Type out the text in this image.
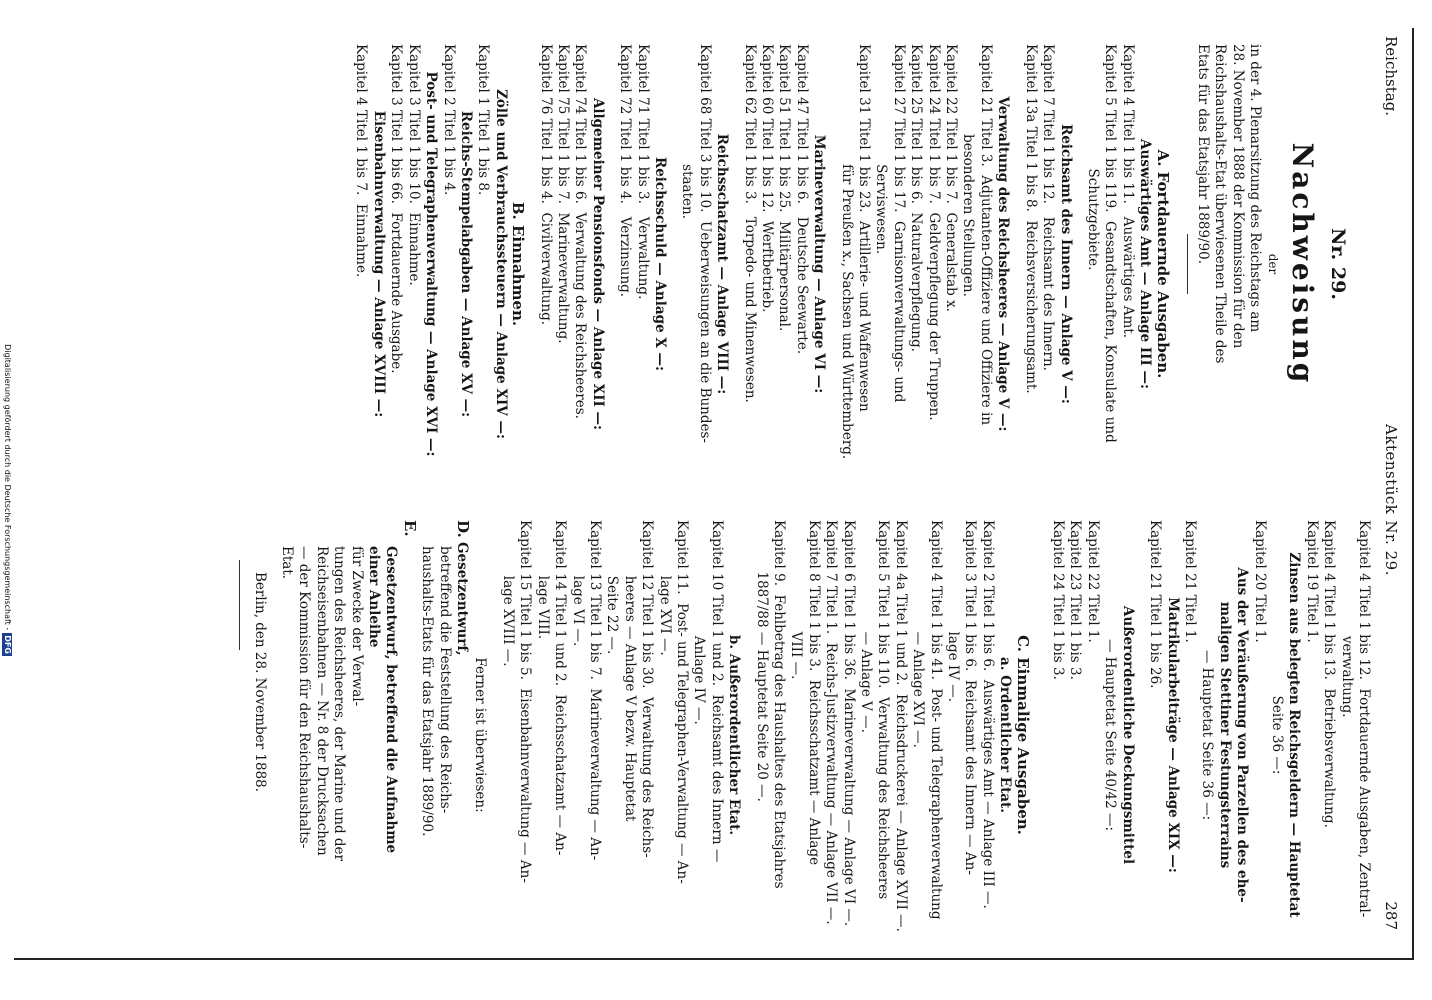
Reichstag.
AktenstückNr. 29.
287

Nr. 29.

Nachweisung

der

in der 4. Plenarsitzung des Reichstags am

28. November 1888 der Kommission für den

Reichshaushalts-Etat überwiesenen Theile des

Etats für das Etatsjahr 1889/90.

A. Fortdauernde Ausgaben.

Auswärtiges Amt — Anlage III —:

Kapitel 4 Titel 1 bis 11.   Auswärtiges Amt.

Kapitel 5 Titel 1 bis 119.  Gesandtschaften, Konsulate und

Schutzgebiete.

Reichsamt des Innern — Anlage V —:

Kapitel 7 Titel 1 bis 12.   Reichsamt des Innern.

Kapitel 13a Titel 1 bis 8.  Reichsversicherungsamt.

Verwaltung des Reichsheeres — Anlage V —:

Kapitel 21 Titel 3.  Adjutanten-Offiziere und Offiziere in

besonderen Stellungen.

Kapitel 22 Titel 1 bis 7.  Generalstab x.

Kapitel 24 Titel 1 bis 7.  Geldverpflegung der Truppen.

Kapitel 25 Titel 1 bis 6.  Naturalverpflegung.

Kapitel 27 Titel 1 bis 17.  Garnisonverwaltungs- und

Serviswesen.

Kapitel 31 Titel 1 bis 23.  Artillerie- und Waffenwesen

für Preußen x., Sachsen und Württemberg.

Marineverwaltung — Anlage VI —:

Kapitel 47 Titel 1 bis 6.   Deutsche Seewarte.

Kapitel 51 Titel 1 bis 25.  Militärpersonal.

Kapitel 60 Titel 1 bis 12.  Werftbetrieb.

Kapitel 62 Titel 1 bis 3.   Torpedo- und Minenwesen.

Reichsschatzamt — Anlage VIII —:

Kapitel 68 Titel 3 bis 10.  Ueberweisungen an die Bundes-

staaten.

Reichsschuld — Anlage X —:

Kapitel 71 Titel 1 bis 3.   Verwaltung.

Kapitel 72 Titel 1 bis 4.   Verzinsung.

Allgemeiner Pensionsfonds — Anlage XII —:

Kapitel 74 Titel 1 bis 6.  Verwaltung des Reichsheeres.

Kapitel 75 Titel 1 bis 7.  Marineverwaltung.

Kapitel 76 Titel 1 bis 4.  Civilverwaltung.

B. Einnahmen.

Zölle und Verbrauchssteuern — Anlage XIV —:

Kapitel 1 Titel 1 bis 8.

Reichs-Stempelabgaben — Anlage XV —:

Kapitel 2 Titel 1 bis 4.

Post- und Telegraphenverwaltung — Anlage XVI —:

Kapitel 3 Titel 1 bis 10.  Einnahme.

Kapitel 3 Titel 1 bis 66.  Fortdauernde Ausgabe.

Eisenbahnverwaltung — Anlage XVIII —:

Kapitel 4 Titel 1 bis 7.  Einnahme.

Kapitel 4 Titel 1 bis 12.  Fortdauernde Ausgaben, Zentral-

verwaltung.

Kapitel 4 Titel 1 bis 13.  Betriebsverwaltung.

Kapitel 19 Titel 1.

Zinsen aus belegten Reichsgeldern — Hauptetat

Seite 36 —:

Kapitel 20 Titel 1.

Aus der Veräußerung von Parzellen des ehe-

maligen Stettiner Festungsterrains

— Hauptetat Seite 36 —:

Kapitel 21 Titel 1.

Matrikularbeiträge — Anlage XIX —:

Kapitel 21 Titel 1 bis 26.

Außerordentliche Deckungsmittel

— Hauptetat Seite 40/42 —:

Kapitel 22 Titel 1.

Kapitel 23 Titel 1 bis 3.

Kapitel 24 Titel 1 bis 3.

C. Einmalige Ausgaben.

a. Ordentlicher Etat.

Kapitel 2 Titel 1 bis 6.  Auswärtiges Amt — Anlage III —.

Kapitel 3 Titel 1 bis 6.  Reichsamt des Innern — An-

lage IV —.

Kapitel 4 Titel 1 bis 41.  Post- und Telegraphenverwaltung

— Anlage XVI —.

Kapitel 4a Titel 1 und 2.  Reichsdruckerei — Anlage XVII —.

Kapitel 5 Titel 1 bis 110.  Verwaltung des Reichsheeres

— Anlage V —.

Kapitel 6 Titel 1 bis 36.  Marineverwaltung — Anlage VI —.

Kapitel 7 Titel 1.  Reichs-Justizverwaltung — Anlage VII —.

Kapitel 8 Titel 1 bis 3.  Reichsschatzamt — Anlage

VIII —.

Kapitel 9.  Fehlbetrag des Haushaltes des Etatsjahres

1887/88 — Hauptetat Seite 20 —.

b. Außerordentlicher Etat.

Kapitel 10 Titel 1 und 2.  Reichsamt des Innern —

Anlage IV —.

Kapitel 11.  Post- und Telegraphen-Verwaltung — An-

lage XVI —.

Kapitel 12 Titel 1 bis 30.  Verwaltung des Reichs-

heeres — Anlage V bezw. Hauptetat

Seite 22 —.

Kapitel 13 Titel 1 bis 7.  Marineverwaltung — An-

lage VI —.

Kapitel 14 Titel 1 und 2.  Reichsschatzamt — An-

lage VIII.

Kapitel 15 Titel 1 bis 5.  Eisenbahnverwaltung — An-

lage XVIII —.

Ferner ist überwiesen:

D. Gesetzentwurf,

betreffend die Feststellung des Reichs-

haushalts-Etats für das Etatsjahr 1889/90.

E.

Gesetzentwurf, betreffend die Aufnahme

einer Anleihe

für Zwecke der Verwal-

tungen des Reichsheeres, der Marine und der

Reichseisenbahnen — Nr. 8 der Drucksachen

— der Kommission für den Reichshaushalts-

Etat.

Berlin, den 28. November 1888.

Digitalisierung gefördert durch die Deutsche Forschungsgemeinschaft -DFG
